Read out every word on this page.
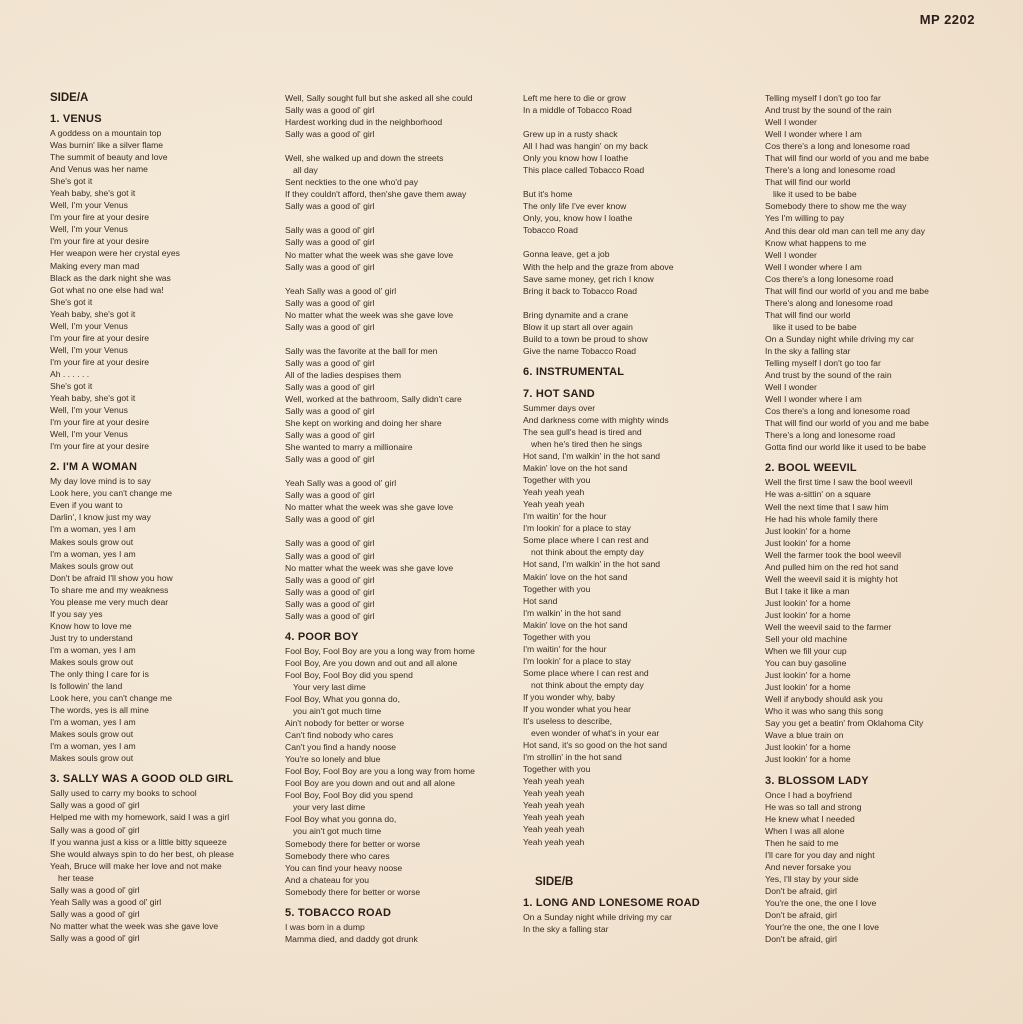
MP 2202
SIDE/A
1. VENUS
A goddess on a mountain top
Was burnin' like a silver flame
The summit of beauty and love
And Venus was her name
She's got it
Yeah baby, she's got it
Well, I'm your Venus
I'm your fire at your desire
Well, I'm your Venus
I'm your fire at your desire
Her weapon were her crystal eyes
Making every man mad
Black as the dark night she was
Got what no one else had wa!
She's got it
Yeah baby, she's got it
Well, I'm your Venus
I'm your fire at your desire
Well, I'm your Venus
I'm your fire at your desire
Ah . . . . . .
She's got it
Yeah baby, she's got it
Well, I'm your Venus
I'm your fire at your desire
Well, I'm your Venus
I'm your fire at your desire
2. I'M A WOMAN
My day love mind is to say
Look here, you can't change me
Even if you want to
Darlin', I know just my way
I'm a woman, yes I am
Makes souls grow out
I'm a woman, yes I am
Makes souls grow out
Don't be afraid I'll show you how
To share me and my weakness
You please me very much dear
If you say yes
Know how to love me
Just try to understand
I'm a woman, yes I am
Makes souls grow out
The only thing I care for is
Is followin' the land
Look here, you can't change me
The words, yes is all mine
I'm a woman, yes I am
Makes souls grow out
I'm a woman, yes I am
Makes souls grow out
3. SALLY WAS A GOOD OLD GIRL
Sally used to carry my books to school
Sally was a good ol' girl
Helped me with my homework, said I was a girl
Sally was a good ol' girl
If you wanna just a kiss or a little bitty squeeze
She would always spin to do her best, oh please
Yeah, Bruce will make her love and not make
her tease
Sally was a good ol' girl
Yeah Sally was a good ol' girl
Sally was a good ol' girl
No matter what the week was she gave love
Sally was a good ol' girl
Well, Sally sought full but she asked all she could
Sally was a good ol' girl
Hardest working dud in the neighborhood
Sally was a good ol' girl
Well, she walked up and down the streets
all day
Sent neckties to the one who'd pay
If they couldn't afford, then'she gave them away
Sally was a good ol' girl
Sally was a good ol' girl
Sally was a good ol' girl
No matter what the week was she gave love
Sally was a good ol' girl
Yeah Sally was a good ol' girl
Sally was a good ol' girl
No matter what the week was she gave love
Sally was a good ol' girl
Sally was the favorite at the ball for men
Sally was a good ol' girl
All of the ladies despises them
Sally was a good ol' girl
Well, worked at the bathroom, Sally didn't care
Sally was a good ol' girl
She kept on working and doing her share
Sally was a good ol' girl
She wanted to marry a millionaire
Sally was a good ol' girl
Yeah Sally was a good ol' girl
Sally was a good ol' girl
No matter what the week was she gave love
Sally was a good ol' girl
Sally was a good ol' girl
Sally was a good ol' girl
No matter what the week was she gave love
Sally was a good ol' girl
Sally was a good ol' girl
Sally was a good ol' girl
Sally was a good ol' girl
4. POOR BOY
Fool Boy, Fool Boy are you a long way from home
Fool Boy, Are you down and out and all alone
Fool Boy, Fool Boy did you spend
Your very last dime
Fool Boy, What you gonna do,
you ain't got much time
Ain't nobody for better or worse
Can't find nobody who cares
Can't you find a handy noose
You're so lonely and blue
Fool Boy, Fool Boy are you a long way from home
Fool Boy are you down and out and all alone
Fool Boy, Fool Boy did you spend
your very last dime
Fool Boy what you gonna do,
you ain't got much time
Somebody there for better or worse
Somebody there who cares
You can find your heavy noose
And a chateau for you
Somebody there for better or worse
5. TOBACCO ROAD
I was born in a dump
Mamma died, and daddy got drunk
Left me here to die or grow
In a middle of Tobacco Road
Grew up in a rusty shack
All I had was hangin' on my back
Only you know how I loathe
This place called Tobacco Road
But it's home
The only life I've ever know
Only, you, know how I loathe
Tobacco Road
Gonna leave, get a job
With the help and the graze from above
Save same money, get rich I know
Bring it back to Tobacco Road
Bring dynamite and a crane
Blow it up start all over again
Build to a town be proud to show
Give the name Tobacco Road
6. INSTRUMENTAL
7. HOT SAND
Summer days over
And darkness come with mighty winds
The sea gull's head is tired and
when he's tired then he sings
Hot sand, I'm walkin' in the hot sand
Makin' love on the hot sand
Together with you
Yeah yeah yeah
Yeah yeah yeah
I'm waitin' for the hour
I'm lookin' for a place to stay
Some place where I can rest and
not think about the empty day
Hot sand, I'm walkin' in the hot sand
Makin' love on the hot sand
Together with you
Hot sand
I'm walkin' in the hot sand
Makin' love on the hot sand
Together with you
I'm waitin' for the hour
I'm lookin' for a place to stay
Some place where I can rest and
not think about the empty day
If you wonder why, baby
If you wonder what you hear
It's useless to describe,
even wonder of what's in your ear
Hot sand, it's so good on the hot sand
I'm strollin' in the hot sand
Together with you
Yeah yeah yeah
Yeah yeah yeah
Yeah yeah yeah
Yeah yeah yeah
Yeah yeah yeah
Yeah yeah yeah
SIDE/B
1. LONG AND LONESOME ROAD
On a Sunday night while driving my car
In the sky a falling star
Telling myself I don't go too far
And trust by the sound of the rain
Well I wonder
Well I wonder where I am
Cos there's a long and lonesome road
That will find our world of you and me babe
There's a long and lonesome road
That will find our world
like it used to be babe
Somebody there to show me the way
Yes I'm willing to pay
And this dear old man can tell me any day
Know what happens to me
Well I wonder
Well I wonder where I am
Cos there's a long lonesome road
That will find our world of you and me babe
There's along and lonesome road
That will find our world
like it used to be babe
On a Sunday night while driving my car
In the sky a falling star
Telling myself I don't go too far
And trust by the sound of the rain
Well I wonder
Well I wonder where I am
Cos there's a long and lonesome road
That will find our world of you and me babe
There's a long and lonesome road
Gotta find our world like it used to be babe
2. BOOL WEEVIL
Well the first time I saw the bool weevil
He was a-sittin' on a square
Well the next time that I saw him
He had his whole family there
Just lookin' for a home
Just lookin' for a home
Well the farmer took the bool weevil
And pulled him on the red hot sand
Well the weevil said it is mighty hot
But I take it like a man
Just lookin' for a home
Just lookin' for a home
Well the weevil said to the farmer
Sell your old machine
When we fill your cup
You can buy gasoline
Just lookin' for a home
Just lookin' for a home
Well if anybody should ask you
Who it was who sang this song
Say you get a beatin' from Oklahoma City
Wave a blue train on
Just lookin' for a home
Just lookin' for a home
3. BLOSSOM LADY
Once I had a boyfriend
He was so tall and strong
He knew what I needed
When I was all alone
Then he said to me
I'll care for you day and night
And never forsake you
Yes, I'll stay by your side
Don't be afraid, girl
You're the one, the one I love
Don't be afraid, girl
Your're the one, the one I love
Don't be afraid, girl
